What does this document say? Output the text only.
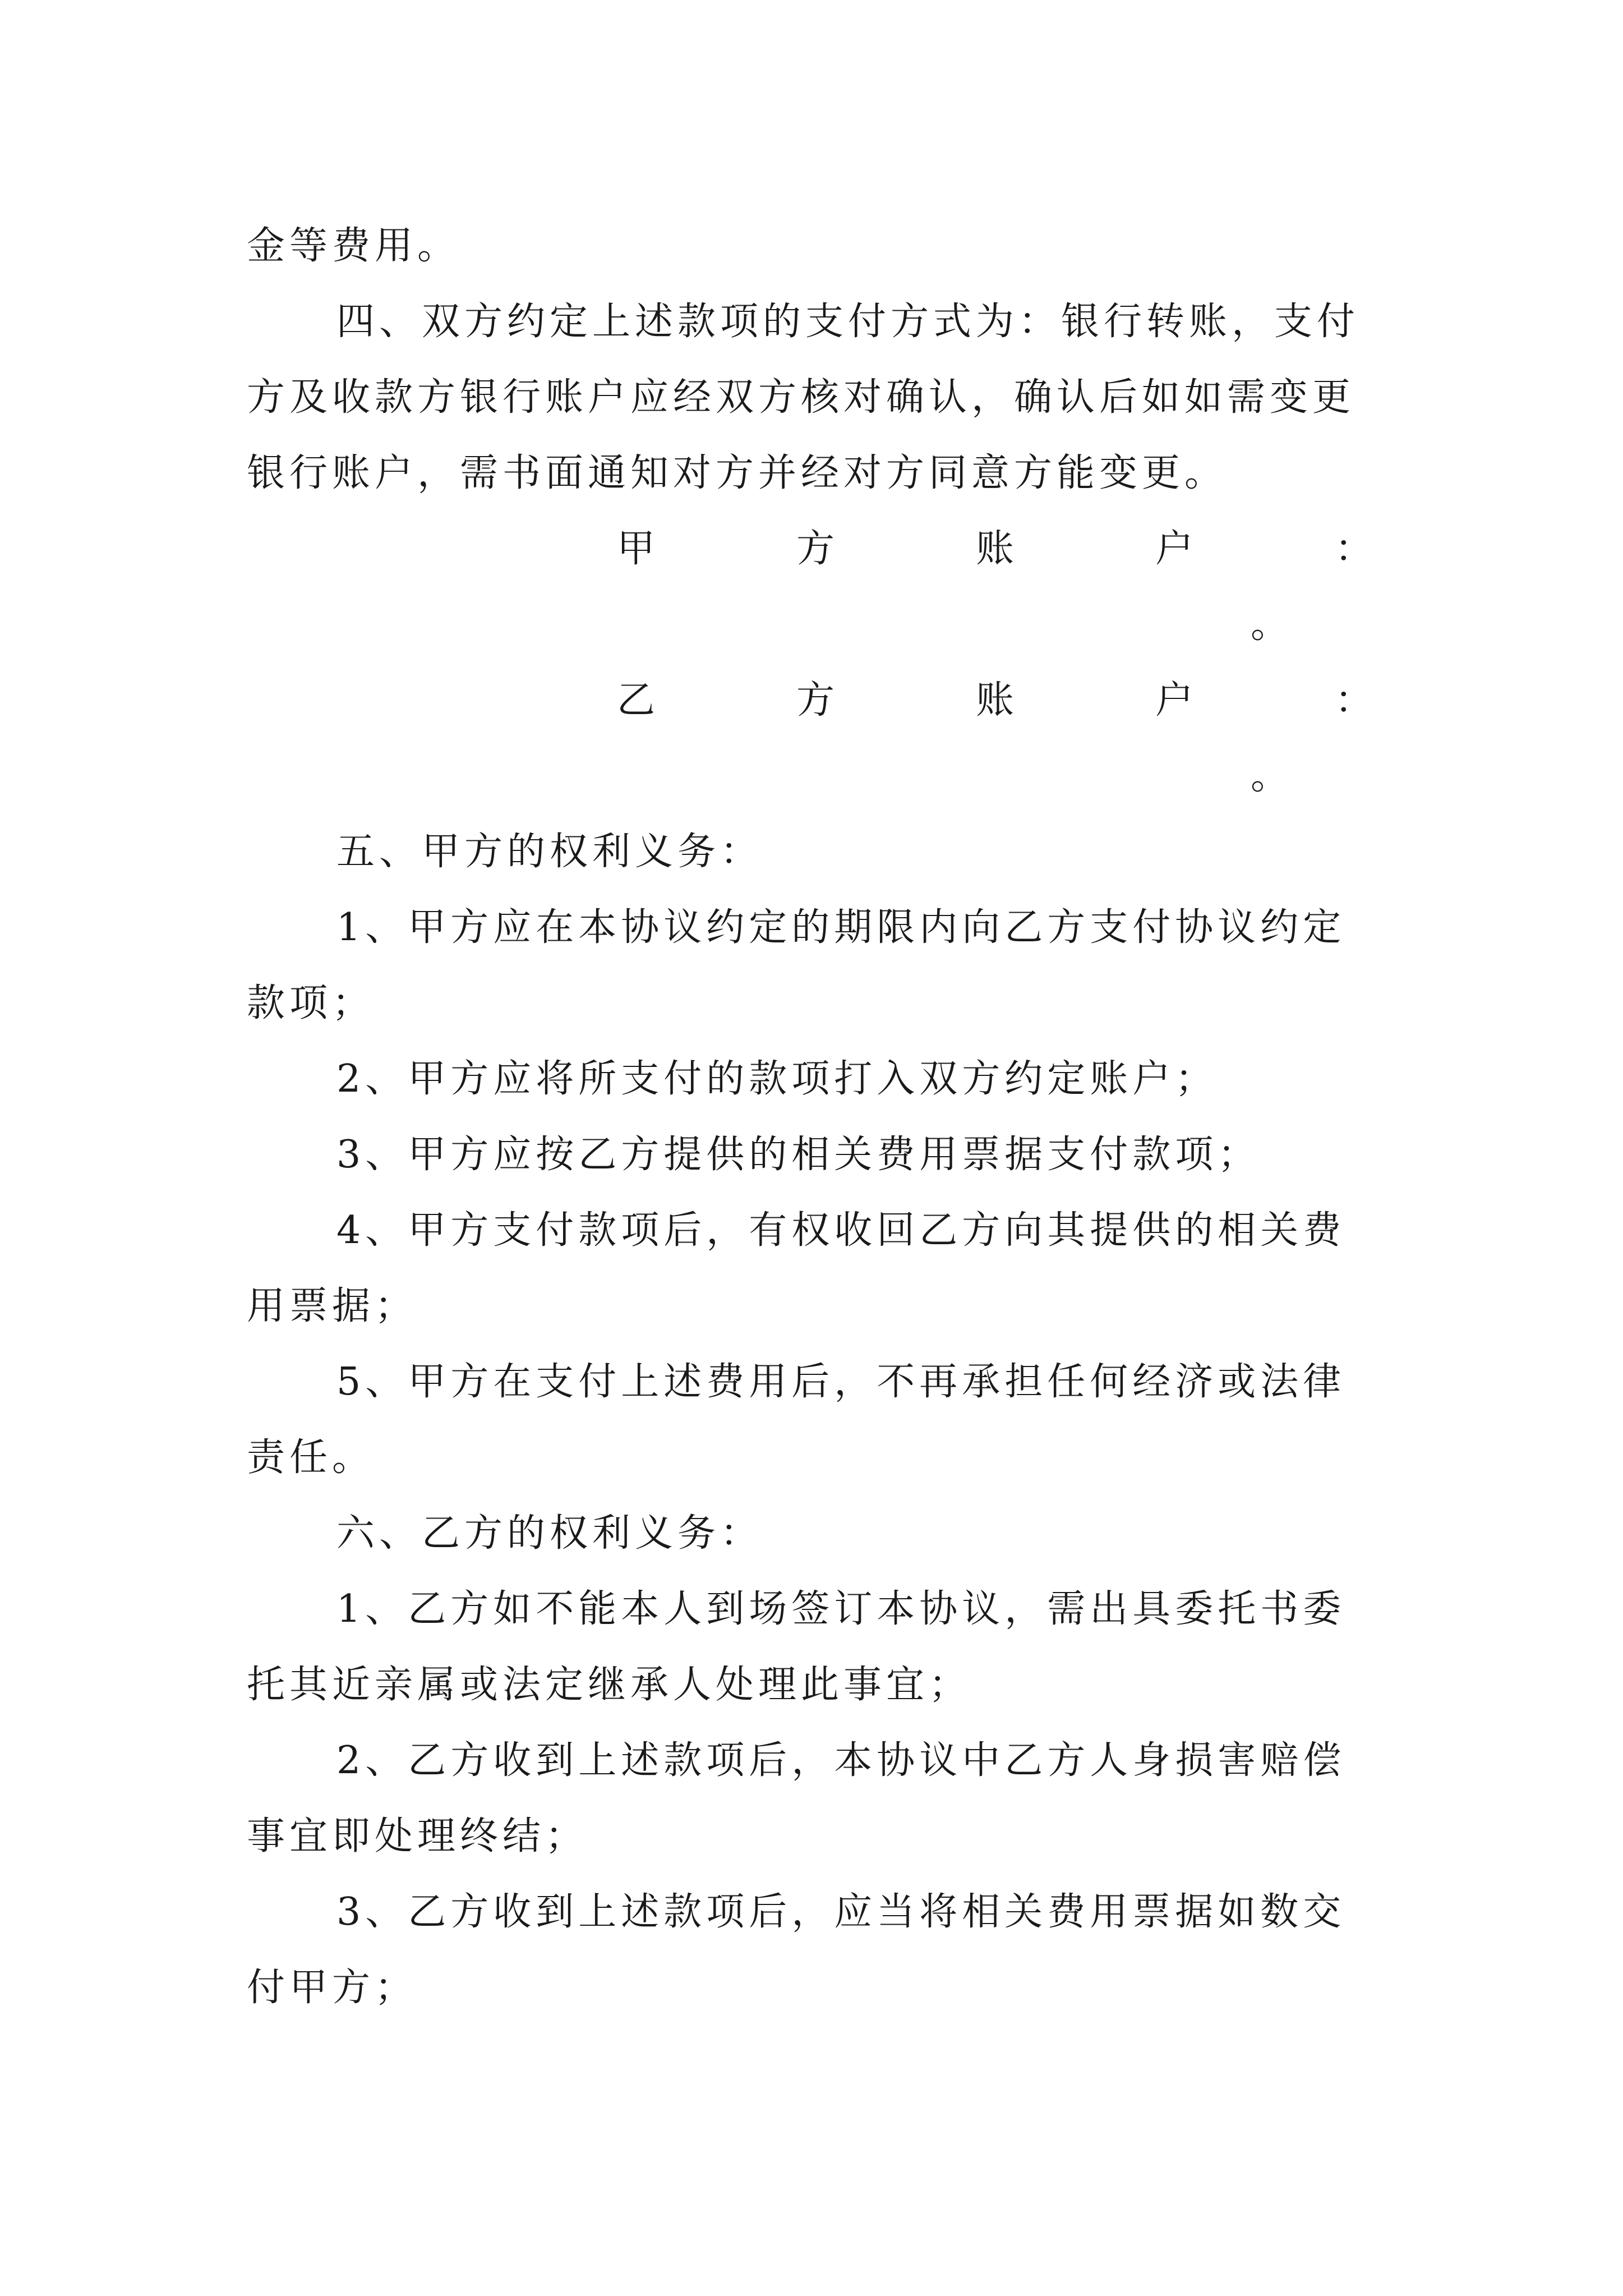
金等费用。
四、双方约定上述款项的支付方式为：银行转账，支付
方及收款方银行账户应经双方核对确认，确认后如如需变更
银行账户，需书面通知对方并经对方同意方能变更。
甲	方	账	户	：
。
乙	方	账	户	：
。
五、甲方的权利义务：
1、甲方应在本协议约定的期限内向乙方支付协议约定
款项；
2、甲方应将所支付的款项打入双方约定账户；
3、甲方应按乙方提供的相关费用票据支付款项；
4、甲方支付款项后，有权收回乙方向其提供的相关费
用票据；
5、甲方在支付上述费用后，不再承担任何经济或法律
责任。
六、乙方的权利义务：
1、乙方如不能本人到场签订本协议，需出具委托书委
托其近亲属或法定继承人处理此事宜；
2、乙方收到上述款项后，本协议中乙方人身损害赔偿
事宜即处理终结；
3、乙方收到上述款项后，应当将相关费用票据如数交
付甲方；
